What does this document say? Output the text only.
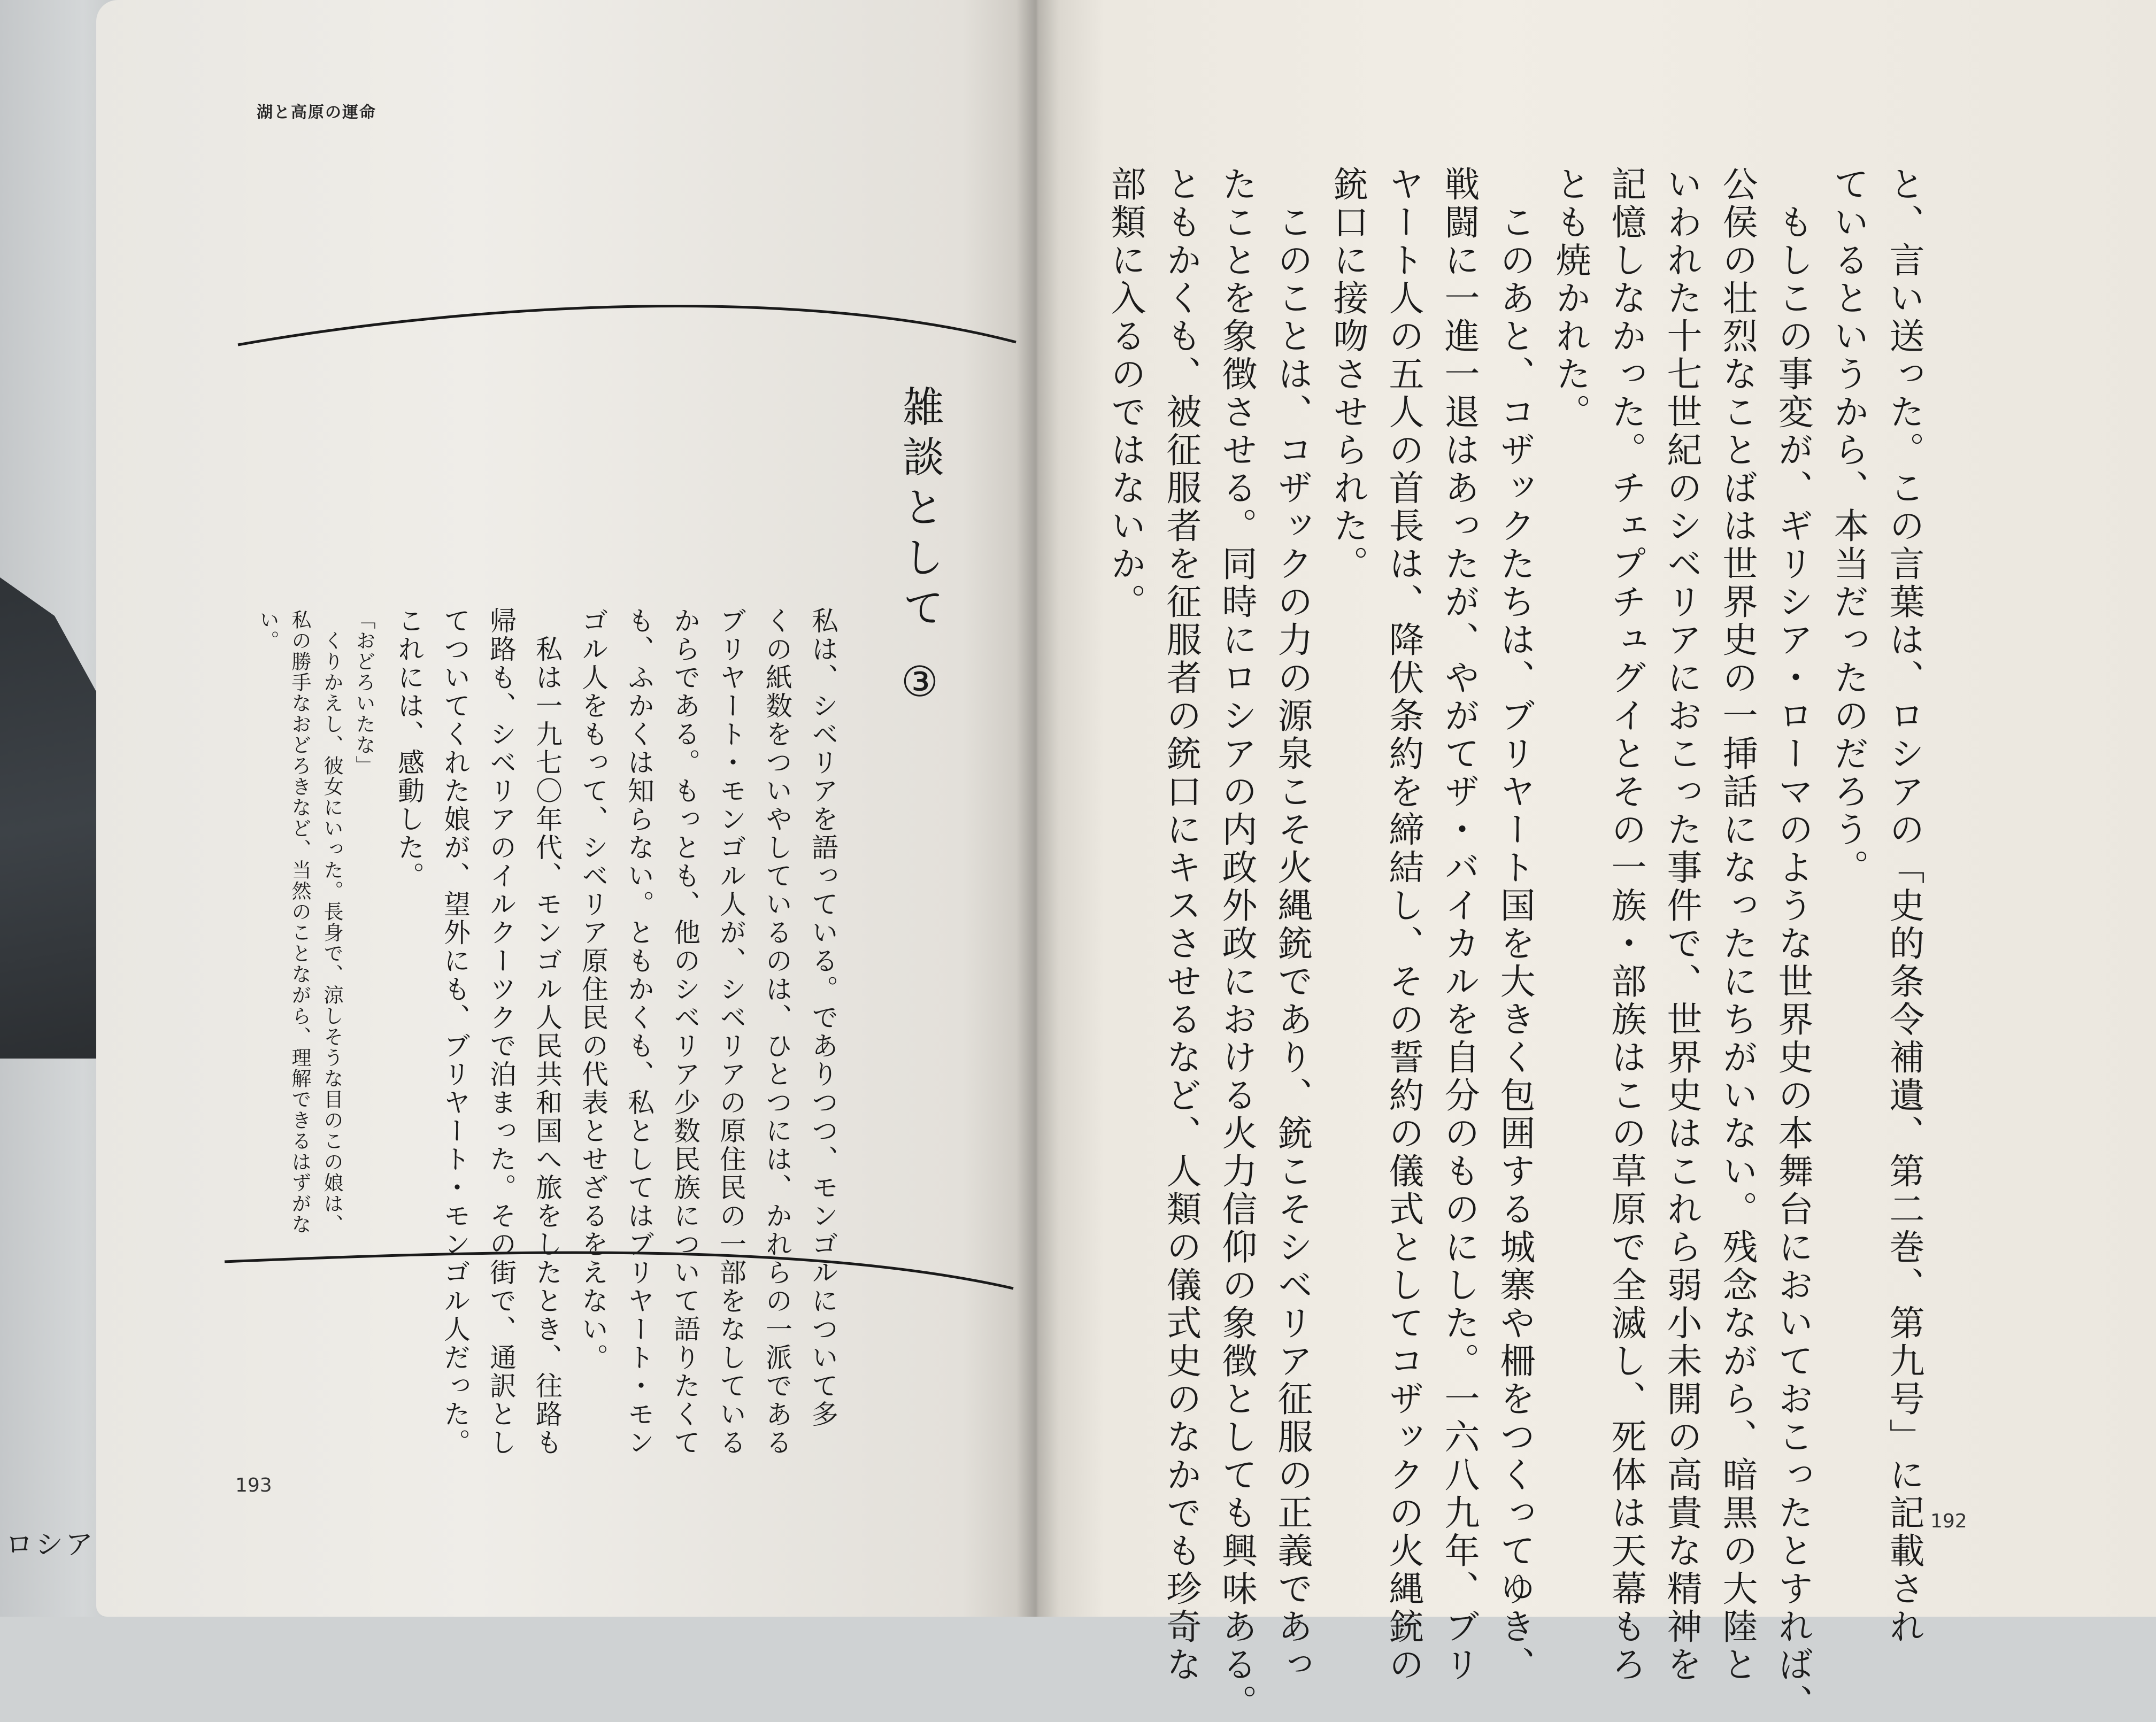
ロシア
湖と高原の運命
雑談として ③
私は、シベリアを語っている。でありつつ、モンゴルについて多
くの紙数をついやしているのは、ひとつには、かれらの一派である
ブリヤート・モンゴル人が、シベリアの原住民の一部をなしている
からである。もっとも、他のシベリア少数民族について語りたくて
も、ふかくは知らない。ともかくも、私としてはブリヤート・モン
ゴル人をもって、シベリア原住民の代表とせざるをえない。

帰路も、シベリアのイルクーツクで泊まった。その街で、通訳とし
てついてくれた娘が、望外にも、ブリヤート・モンゴル人だった。
これには、感動した。
「おどろいたな」
　くりかえし、彼女にいった。長身で、涼しそうな目のこの娘は、
私の勝手なおどろきなど、当然のことながら、理解できるはずがな
い。	と、言い送った。この言葉は、ロシアの「史的条令補遺、第二巻、第九号」に記載され
ているというから、本当だったのだろう。
　もしこの事変が、ギリシア・ローマのような世界史の本舞台においておこったとすれば、
公侯の壮烈なことばは世界史の一挿話になったにちがいない。残念ながら、暗黒の大陸と
いわれた十七世紀のシベリアにおこった事件で、世界史はこれら弱小未開の高貴な精神を
記憶しなかった。チェプチュグイとその一族・部族はこの草原で全滅し、死体は天幕もろ
とも焼かれた。
　このあと、コザックたちは、ブリヤート国を大きく包囲する城寨や柵をつくってゆき、
戦闘に一進一退はあったが、やがてザ・バイカルを自分のものにした。一六八九年、ブリ
ヤート人の五人の首長は、降伏条約を締結し、その誓約の儀式としてコザックの火縄銃の
銃口に接吻させられた。
　このことは、コザックの力の源泉こそ火縄銃であり、銃こそシベリア征服の正義であっ
たことを象徴させる。同時にロシアの内政外政における火力信仰の象徴としても興味ある。
ともかくも、被征服者を征服者の銃口にキスさせるなど、人類の儀式史のなかでも珍奇な
部類に入るのではないか。
193
192
